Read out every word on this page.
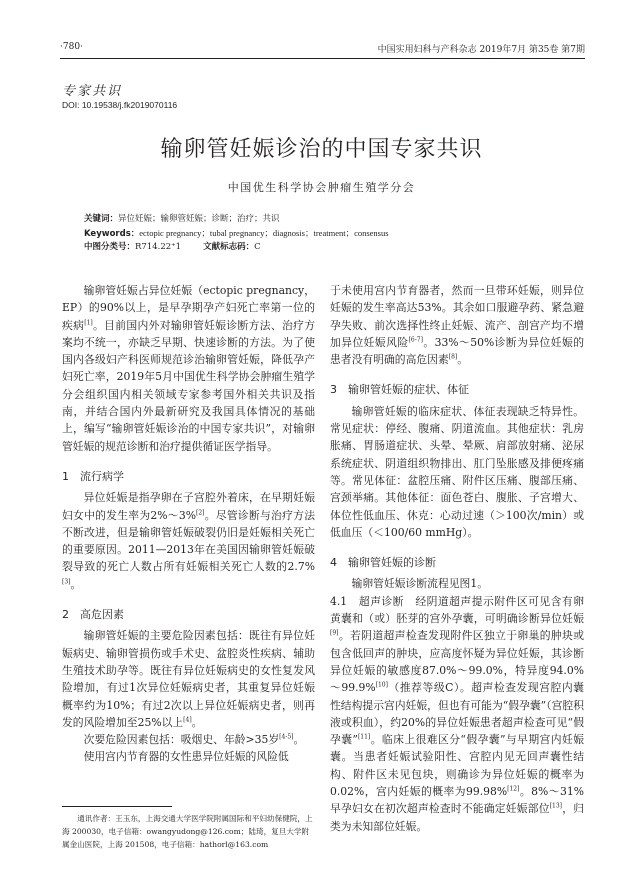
·780·	中国实用妇科与产科杂志 2019年7月 第35卷 第7期
专家共识
DOI: 10.19538/j.fk2019070116
输卵管妊娠诊治的中国专家共识
中国优生科学协会肿瘤生殖学分会
关键词：异位妊娠；输卵管妊娠；诊断；治疗；共识
Keywords：ectopic pregnancy；tubal pregnancy；diagnosis；treatment；consensus
中图分类号：R714.22⁺1	文献标志码：C

输卵管妊娠占异位妊娠（ectopic pregnancy，EP）的90%以上，是早孕期孕产妇死亡率第一位的疾病[1]。目前国内外对输卵管妊娠诊断方法、治疗方案均不统一，亦缺乏早期、快速诊断的方法。为了使国内各级妇产科医师规范诊治输卵管妊娠，降低孕产妇死亡率，2019年5月中国优生科学协会肿瘤生殖学分会组织国内相关领域专家参考国外相关共识及指南，并结合国内外最新研究及我国具体情况的基础上，编写“输卵管妊娠诊治的中国专家共识”，对输卵管妊娠的规范诊断和治疗提供循证医学指导。

1　流行病学

异位妊娠是指孕卵在子宫腔外着床，在早期妊娠妇女中的发生率为2%～3%[2]。尽管诊断与治疗方法不断改进，但是输卵管妊娠破裂仍旧是妊娠相关死亡的重要原因。2011—2013年在美国因输卵管妊娠破裂导致的死亡人数占所有妊娠相关死亡人数的2.7%[3]。

2　高危因素

输卵管妊娠的主要危险因素包括：既往有异位妊娠病史、输卵管损伤或手术史、盆腔炎性疾病、辅助生殖技术助孕等。既往有异位妊娠病史的女性复发风险增加，有过1次异位妊娠病史者，其重复异位妊娠概率约为10%；有过2次以上异位妊娠病史者，则再发的风险增加至25%以上[4]。

次要危险因素包括：吸烟史、年龄>35岁[4-5]。

使用宫内节育器的女性患异位妊娠的风险低

通讯作者：王玉东，上海交通大学医学院附属国际和平妇幼保健院，上海 200030，电子信箱：owangyudong@126.com；陆琦，复旦大学附属金山医院，上海 201508，电子信箱：hathorl@163.com

于未使用宫内节育器者，然而一旦带环妊娠，则异位妊娠的发生率高达53%。其余如口服避孕药、紧急避孕失败、前次选择性终止妊娠、流产、剖宫产均不增加异位妊娠风险[6-7]。33%～50%诊断为异位妊娠的患者没有明确的高危因素[8]。

3　输卵管妊娠的症状、体征

输卵管妊娠的临床症状、体征表现缺乏特异性。常见症状：停经、腹痛、阴道流血。其他症状：乳房胀痛、胃肠道症状、头晕、晕厥、肩部放射痛、泌尿系统症状、阴道组织物排出、肛门坠胀感及排便疼痛等。常见体征：盆腔压痛、附件区压痛、腹部压痛、宫颈举痛。其他体征：面色苍白、腹胀、子宫增大、体位性低血压、休克：心动过速（＞100次/min）或低血压（＜100/60 mmHg）。

4　输卵管妊娠的诊断

输卵管妊娠诊断流程见图1。

4.1　超声诊断　经阴道超声提示附件区可见含有卵黄囊和（或）胚芽的宫外孕囊，可明确诊断异位妊娠[9]。若阴道超声检查发现附件区独立于卵巢的肿块或包含低回声的肿块，应高度怀疑为异位妊娠，其诊断异位妊娠的敏感度87.0%～99.0%，特异度94.0%～99.9%[10]（推荐等级C）。超声检查发现宫腔内囊性结构提示宫内妊娠，但也有可能为“假孕囊”（宫腔积液或积血），约20%的异位妊娠患者超声检查可见“假孕囊”[11]。临床上很难区分“假孕囊”与早期宫内妊娠囊。当患者妊娠试验阳性、宫腔内见无回声囊性结构、附件区未见包块，则确诊为异位妊娠的概率为0.02%，宫内妊娠的概率为99.98%[12]。8%～31%早孕妇女在初次超声检查时不能确定妊娠部位[13]，归类为未知部位妊娠。
